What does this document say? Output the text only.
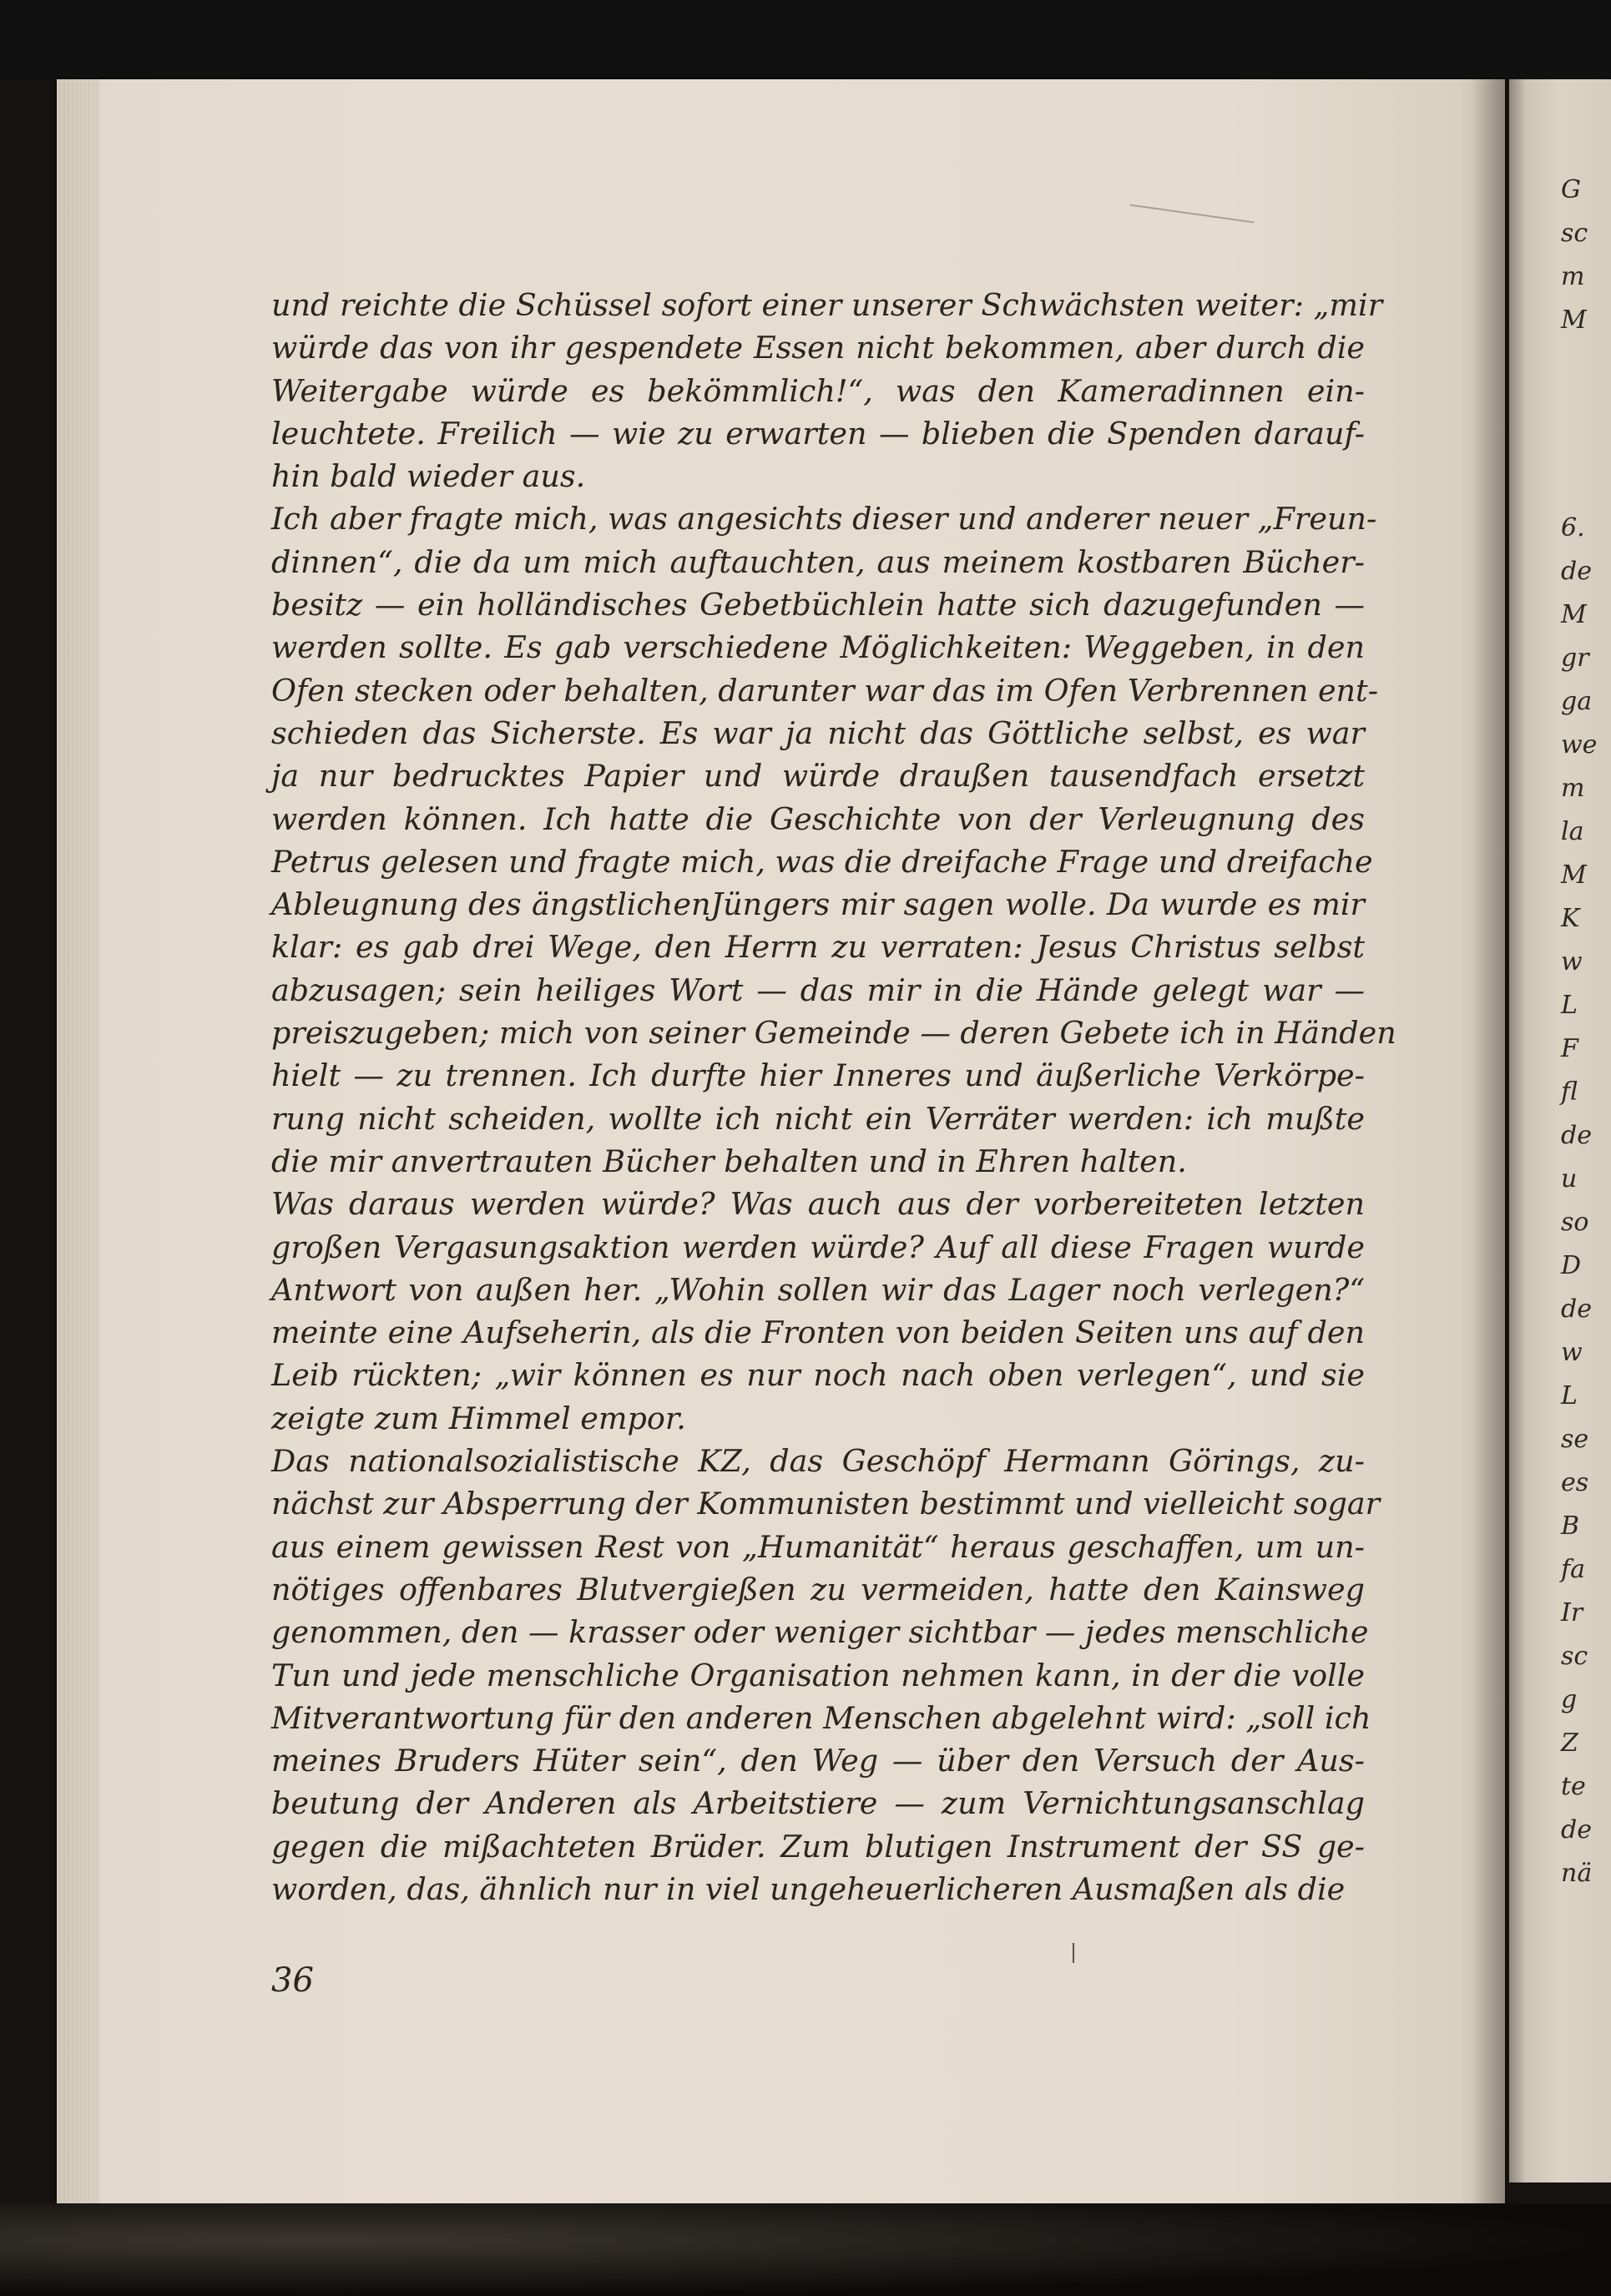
und reichte die Schüssel sofort einer unserer Schwächsten weiter: „mir
würde das von ihr gespendete Essen nicht bekommen, aber durch die
Weitergabe würde es bekömmlich!“, was den Kameradinnen ein-
leuchtete. Freilich — wie zu erwarten — blieben die Spenden darauf-
hin bald wieder aus.
Ich aber fragte mich, was angesichts dieser und anderer neuer „Freun-
dinnen“, die da um mich auftauchten, aus meinem kostbaren Bücher-
besitz — ein holländisches Gebetbüchlein hatte sich dazugefunden —
werden sollte. Es gab verschiedene Möglichkeiten: Weggeben, in den
Ofen stecken oder behalten, darunter war das im Ofen Verbrennen ent-
schieden das Sicherste. Es war ja nicht das Göttliche selbst, es war
ja nur bedrucktes Papier und würde draußen tausendfach ersetzt
werden können. Ich hatte die Geschichte von der Verleugnung des
Petrus gelesen und fragte mich, was die dreifache Frage und dreifache
Ableugnung des ängstlichenJüngers mir sagen wolle. Da wurde es mir
klar: es gab drei Wege, den Herrn zu verraten: Jesus Christus selbst
abzusagen; sein heiliges Wort — das mir in die Hände gelegt war —
preiszugeben; mich von seiner Gemeinde — deren Gebete ich in Händen
hielt — zu trennen. Ich durfte hier Inneres und äußerliche Verkörpe-
rung nicht scheiden, wollte ich nicht ein Verräter werden: ich mußte
die mir anvertrauten Bücher behalten und in Ehren halten.
Was daraus werden würde? Was auch aus der vorbereiteten letzten
großen Vergasungsaktion werden würde? Auf all diese Fragen wurde
Antwort von außen her. „Wohin sollen wir das Lager noch verlegen?“
meinte eine Aufseherin, als die Fronten von beiden Seiten uns auf den
Leib rückten; „wir können es nur noch nach oben verlegen“, und sie
zeigte zum Himmel empor.
Das nationalsozialistische KZ, das Geschöpf Hermann Görings, zu-
nächst zur Absperrung der Kommunisten bestimmt und vielleicht sogar
aus einem gewissen Rest von „Humanität“ heraus geschaffen, um un-
nötiges offenbares Blutvergießen zu vermeiden, hatte den Kainsweg
genommen, den — krasser oder weniger sichtbar — jedes menschliche
Tun und jede menschliche Organisation nehmen kann, in der die volle
Mitverantwortung für den anderen Menschen abgelehnt wird: „soll ich
meines Bruders Hüter sein“, den Weg — über den Versuch der Aus-
beutung der Anderen als Arbeitstiere — zum Vernichtungsanschlag
gegen die mißachteten Brüder. Zum blutigen Instrument der SS ge-
worden, das, ähnlich nur in viel ungeheuerlicheren Ausmaßen als die
36
G
sc
m
M
6.
de
M
gr
ga
we
m
la
M
K
w
L
F
fl
de
u
so
D
de
w
L
se
es
B
fa
Ir
sc
g
Z
te
de
nä
